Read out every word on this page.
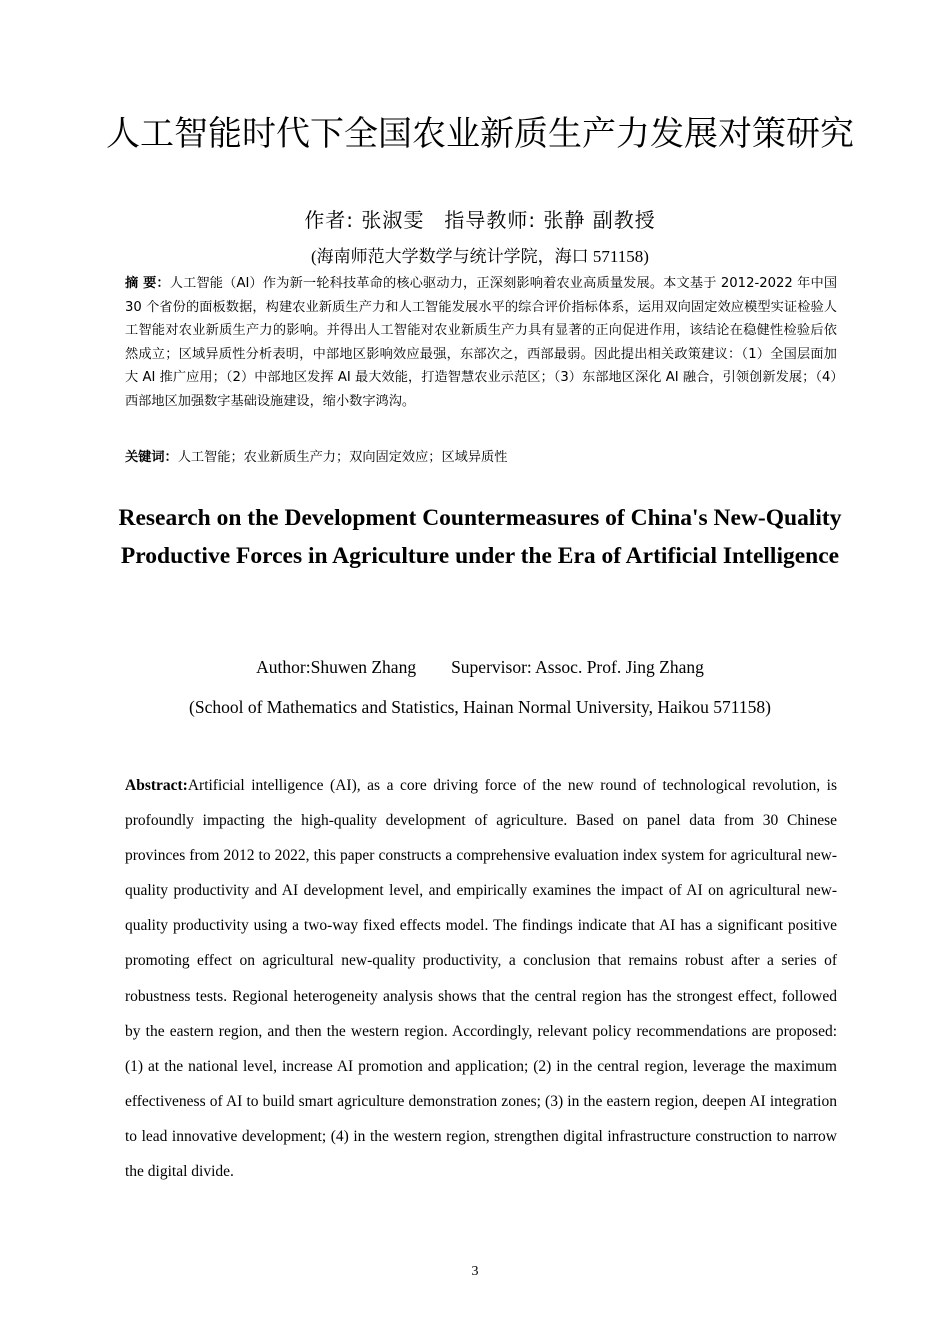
人工智能时代下全国农业新质生产力发展对策研究
作者: 张淑雯 指导教师: 张静 副教授
(海南师范大学数学与统计学院，海口 571158)

摘 要：人工智能（AI）作为新一轮科技革命的核心驱动力，正深刻影响着农业高质量发展。本文基于 2012-2022 年中国 30 个省份的面板数据，构建农业新质生产力和人工智能发展水平的综合评价指标体系，运用双向固定效应模型实证检验人工智能对农业新质生产力的影响。并得出人工智能对农业新质生产力具有显著的正向促进作用，该结论在稳健性检验后依然成立；区域异质性分析表明，中部地区影响效应最强，东部次之，西部最弱。因此提出相关政策建议：（1）全国层面加大 AI 推广应用；（2）中部地区发挥 AI 最大效能，打造智慧农业示范区；（3）东部地区深化 AI 融合，引领创新发展；（4）西部地区加强数字基础设施建设，缩小数字鸿沟。

关键词：人工智能；农业新质生产力；双向固定效应；区域异质性

Research on the Development Countermeasures of China's New-Quality Productive Forces in Agriculture under the Era of Artificial Intelligence
Author:Shuwen Zhang        Supervisor: Assoc. Prof. Jing Zhang
(School of Mathematics and Statistics, Hainan Normal University, Haikou 571158)

Abstract:Artificial intelligence (AI), as a core driving force of the new round of technological revolution, is profoundly impacting the high-quality development of agriculture. Based on panel data from 30 Chinese provinces from 2012 to 2022, this paper constructs a comprehensive evaluation index system for agricultural new-quality productivity and AI development level, and empirically examines the impact of AI on agricultural new-quality productivity using a two-way fixed effects model. The findings indicate that AI has a significant positive promoting effect on agricultural new-quality productivity, a conclusion that remains robust after a series of robustness tests. Regional heterogeneity analysis shows that the central region has the strongest effect, followed by the eastern region, and then the western region. Accordingly, relevant policy recommendations are proposed: (1) at the national level, increase AI promotion and application; (2) in the central region, leverage the maximum effectiveness of AI to build smart agriculture demonstration zones; (3) in the eastern region, deepen AI integration to lead innovative development; (4) in the western region, strengthen digital infrastructure construction to narrow the digital divide.

3
